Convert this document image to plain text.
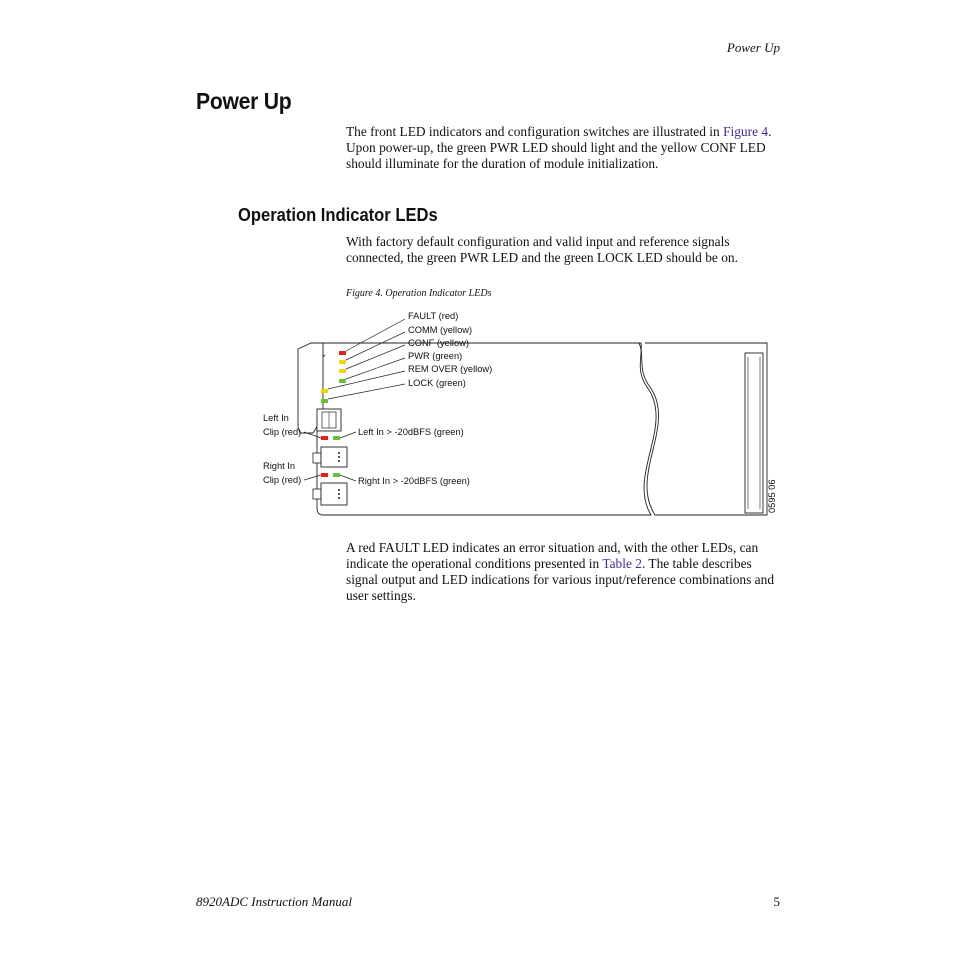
Power Up
Power Up
The front LED indicators and configuration switches are illustrated in Figure 4. Upon power-up, the green PWR LED should light and the yellow CONF LED should illuminate for the duration of module initialization.
Operation Indicator LEDs
With factory default configuration and valid input and reference signals connected, the green PWR LED and the green LOCK LED should be on.
Figure 4. Operation Indicator LEDs
FAULT (red)
COMM (yellow)
CONF (yellow)
PWR (green)
REM OVER (yellow)
LOCK (green)
Left In
Clip (red)	Left In > -20dBFS (green)
Right In
Clip (red)	Right In > -20dBFS (green)	0595 06
A red FAULT LED indicates an error situation and, with the other LEDs, can indicate the operational conditions presented in Table 2. The table describes signal output and LED indications for various input/reference combinations and user settings.
8920ADC Instruction Manual	5
